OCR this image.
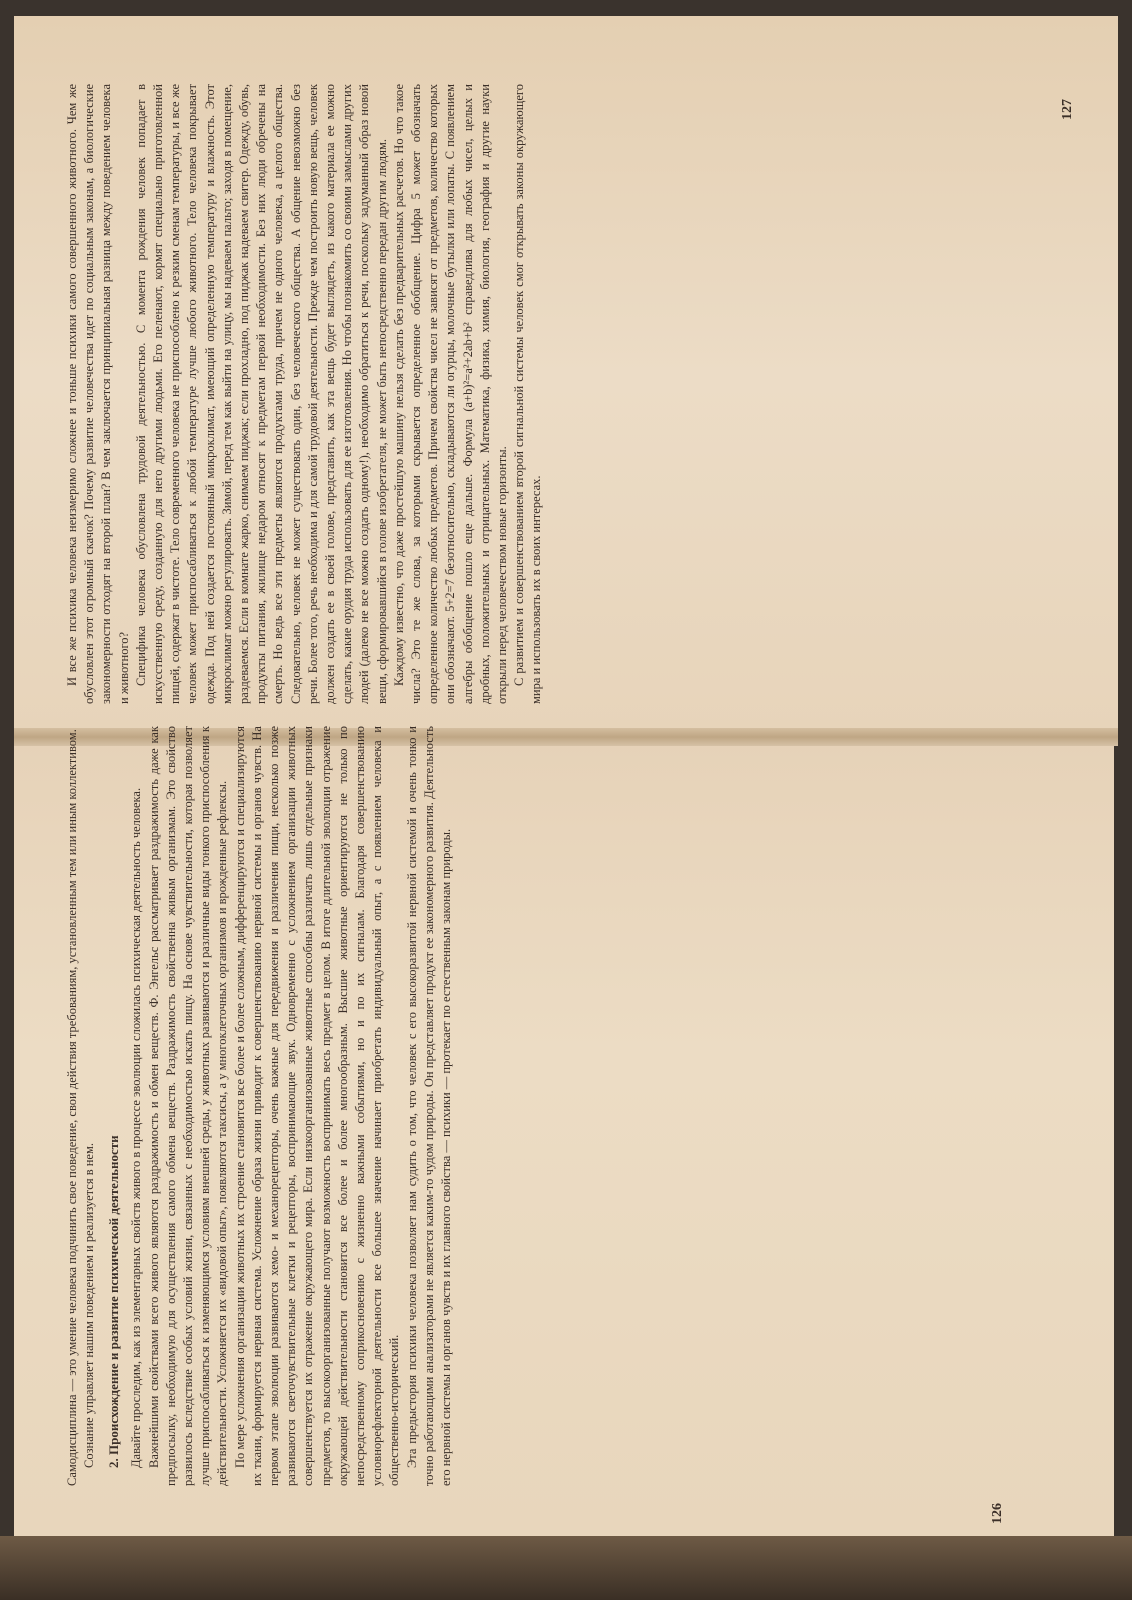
Самодисциплина — это умение человека подчинить свое поведение, свои действия требованиям, установленным тем или иным коллективом. Сознание управляет нашим поведением и реализуется в нем. 2. Происхождение и развитие психической деятельности Давайте проследим, как из элементарных свойств живого в процессе эволюции сложилась психическая деятельность человека. Важнейшими свойствами всего живого являются раздражимость и обмен веществ. Ф. Энгельс рассматривает раздражимость даже как предпосылку, необходимую для осуществления самого обмена веществ. Раздражимость свойственна живым организмам. Это свойство развилось вследствие особых условий жизни, связанных с необходимостью искать пищу. На основе чувствительности, которая позволяет лучше приспосабливаться к изменяющимся условиям внешней среды, у животных развиваются и различные виды тонкого приспособления к действительности. Усложняется их «видовой опыт», появляются таксисы, а у многоклеточных организмов и врожденные рефлексы. По мере усложнения организации животных их строение становится все более и более сложным, дифференцируются и специализируются их ткани, формируется нервная система. Усложнение образа жизни приводит к совершенствованию нервной системы и органов чувств. На первом этапе эволюции развиваются хемо- и механорецепторы, очень важные для передвижения и различения пищи, несколько позже развиваются светочувствительные клетки и рецепторы, воспринимающие звук. Одновременно с усложнением организации животных совершенствуется их отражение окружающего мира. Если низкоорганизованные животные способны различать лишь отдельные признаки предметов, то высокоорганизованные получают возможность воспринимать весь предмет в целом. В итоге длительной эволюции отражение окружающей действительности становится все более и более многообразным. Высшие животные ориентируются не только по непосредственному соприкосновению с жизненно важными событиями, но и по их сигналам. Благодаря совершенствованию условнорефлекторной деятельности все большее значение начинает приобретать индивидуальный опыт, а с появлением человека и общественно-исторический. Эта предыстория психики человека позволяет нам судить о том, что человек с его высокоразвитой нервной системой и очень тонко и точно работающими анализаторами не является каким-то чудом природы. Он представляет продукт ее закономерного развития. Деятельность его нервной системы и органов чувств и их главного свойства — психики — протекает по естественным законам природы.

И все же психика человека неизмеримо сложнее и тоньше психики самого совершенного животного. Чем же обусловлен этот огромный скачок? Почему развитие человечества идет по социальным законам, а биологические закономерности отходят на второй план? В чем заключается принципиальная разница между поведением человека и животного? Специфика человека обусловлена трудовой деятельностью. С момента рождения человек попадает в искусственную среду, созданную для него другими людьми. Его пеленают, кормят специально приготовленной пищей, содержат в чистоте. Тело современного человека не приспособлено к резким сменам температуры, и все же человек может приспосабливаться к любой температуре лучше любого животного. Тело человека покрывает одежда. Под ней создается постоянный микроклимат, имеющий определенную температуру и влажность. Этот микроклимат можно регулировать. Зимой, перед тем как выйти на улицу, мы надеваем пальто; заходя в помещение, раздеваемся. Если в комнате жарко, снимаем пиджак; если прохладно, под пиджак надеваем свитер. Одежду, обувь, продукты питания, жилище недаром относят к предметам первой необходимости. Без них люди обречены на смерть. Но ведь все эти предметы являются продуктами труда, причем не одного человека, а целого общества. Следовательно, человек не может существовать один, без человеческого общества. А общение невозможно без речи. Более того, речь необходима и для самой трудовой деятельности. Прежде чем построить новую вещь, человек должен создать ее в своей голове, представить, как эта вещь будет выглядеть, из какого материала ее можно сделать, какие орудия труда использовать для ее изготовления. Но чтобы познакомить со своими замыслами других людей (далеко не все можно создать одному!), необходимо обратиться к речи, поскольку задуманный образ новой вещи, сформировавшийся в голове изобретателя, не может быть непосредственно передан другим людям. Каждому известно, что даже простейшую машину нельзя сделать без предварительных расчетов. Но что такое числа? Это те же слова, за которыми скрывается определенное обобщение. Цифра 5 может обозначать определенное количество любых предметов. Причем свойства чисел не зависят от предметов, количество которых они обозначают. 5+2=7 безотносительно, складываются ли огурцы, молочные бутылки или лопаты. С появлением алгебры обобщение пошло еще дальше. Формула (a+b)²=a²+2ab+b² справедлива для любых чисел, целых и дробных, положительных и отрицательных. Математика, физика, химия, биология, география и другие науки открыли перед человечеством новые горизонты. С развитием и совершенствованием второй сигнальной системы человек смог открывать законы окружающего мира и использовать их в своих интересах.

126
127
